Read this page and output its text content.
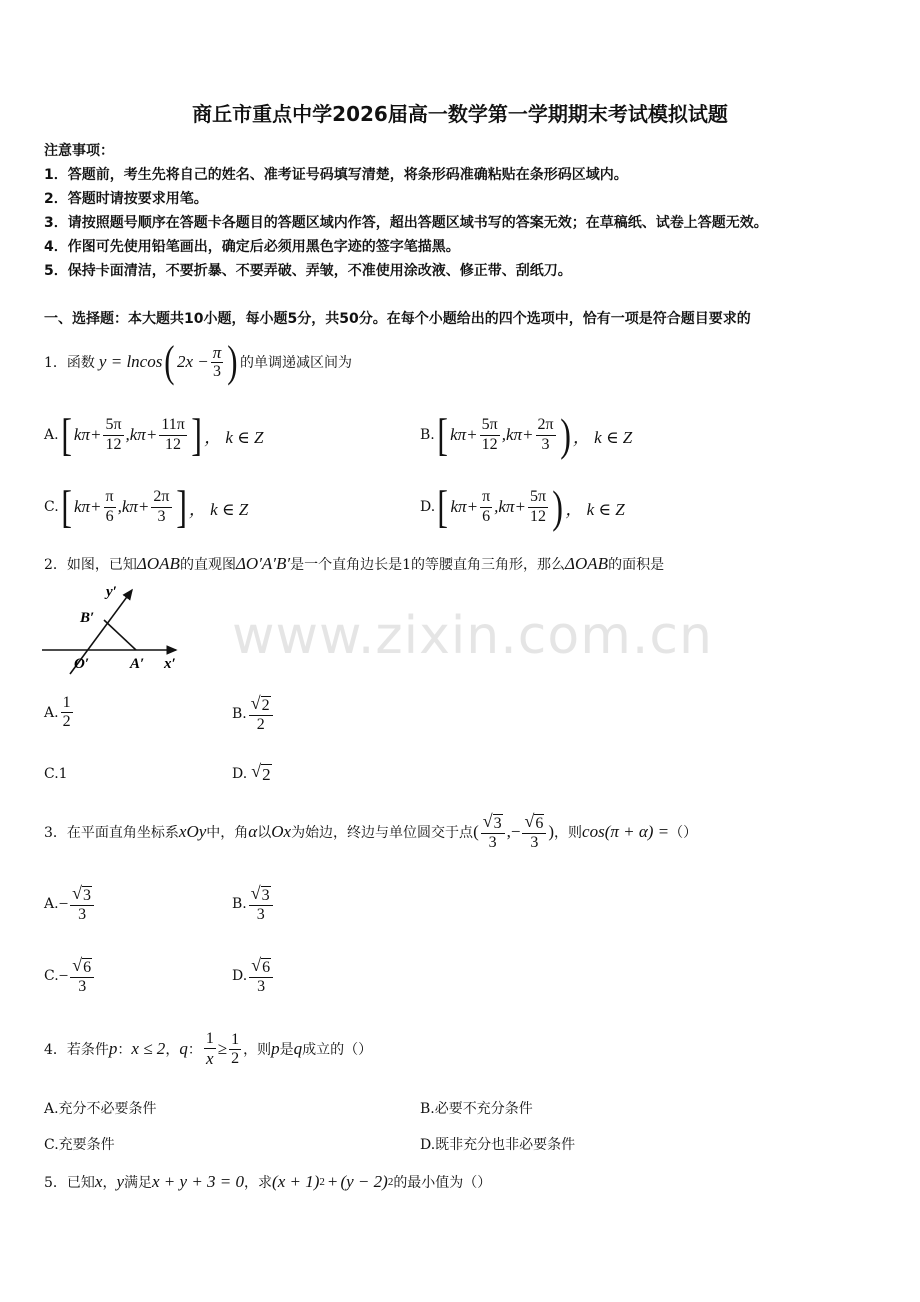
商丘市重点中学2026届高一数学第一学期期末考试模拟试题
注意事项：
1．答题前，考生先将自己的姓名、准考证号码填写清楚，将条形码准确粘贴在条形码区域内。
2．答题时请按要求用笔。
3．请按照题号顺序在答题卡各题目的答题区域内作答，超出答题区域书写的答案无效；在草稿纸、试卷上答题无效。
4．作图可先使用铅笔画出，确定后必须用黑色字迹的签字笔描黑。
5．保持卡面清洁，不要折暴、不要弄破、弄皱，不准使用涂改液、修正带、刮纸刀。
一、选择题：本大题共10小题，每小题5分，共50分。在每个小题给出的四个选项中，恰有一项是符合题目要求的
1．函数 y = lncos ( $2x - \frac{\pi}{3}$ ) 的单调递减区间为
A. [ $k\pi+ \frac{5\pi}{12} ,k\pi+ \frac{11\pi}{12}$ ] ， k ∈ Z	B. [ $k\pi+ \frac{5\pi}{12} ,k\pi+ \frac{2\pi}{3}$ ) ， k ∈ Z
C. [ $k\pi+ \frac{\pi}{6} ,k\pi+ \frac{2\pi}{3}$ ] ， k ∈ Z	D. [ $k\pi+ \frac{\pi}{6} ,k\pi+ \frac{5\pi}{12}$ ) ， k ∈ Z
2．如图，已知 ΔOAB 的直观图 ΔO′A′B′ 是一个直角边长是1的等腰直角三角形，那么 ΔOAB 的面积是
y′
B′
O′	A′ x′
A. $\frac{1}{2}$	B. $\frac{√ 2}{2}$
C. 1	D. √ 2
3．在平面直角坐标系 xOy 中，角 α 以 Ox 为始边，终边与单位圆交于点 ( $\frac{√ 3}{3}$ ,− $\frac{√ 6}{3}$ ) ，则 cos(π + α) = （）
A. − $\frac{√ 3}{3}$	B. $\frac{√ 3}{3}$
C. − $\frac{√ 6}{3}$	D. $\frac{√ 6}{3}$
4．若条件 p ： x ≤ 2 ， q ： $\frac{1}{x} \ge \frac{1}{2}$ ，则 p 是 q 成立的（）
A.充分不必要条件	B.必要不充分条件
C.充要条件	D.既非充分也非必要条件
5．已知 x ， y 满足 x + y + 3 = 0 ，求 (x + 1) 2 + (y − 2) 2 的最小值为（）
www.zixin.com.cn
